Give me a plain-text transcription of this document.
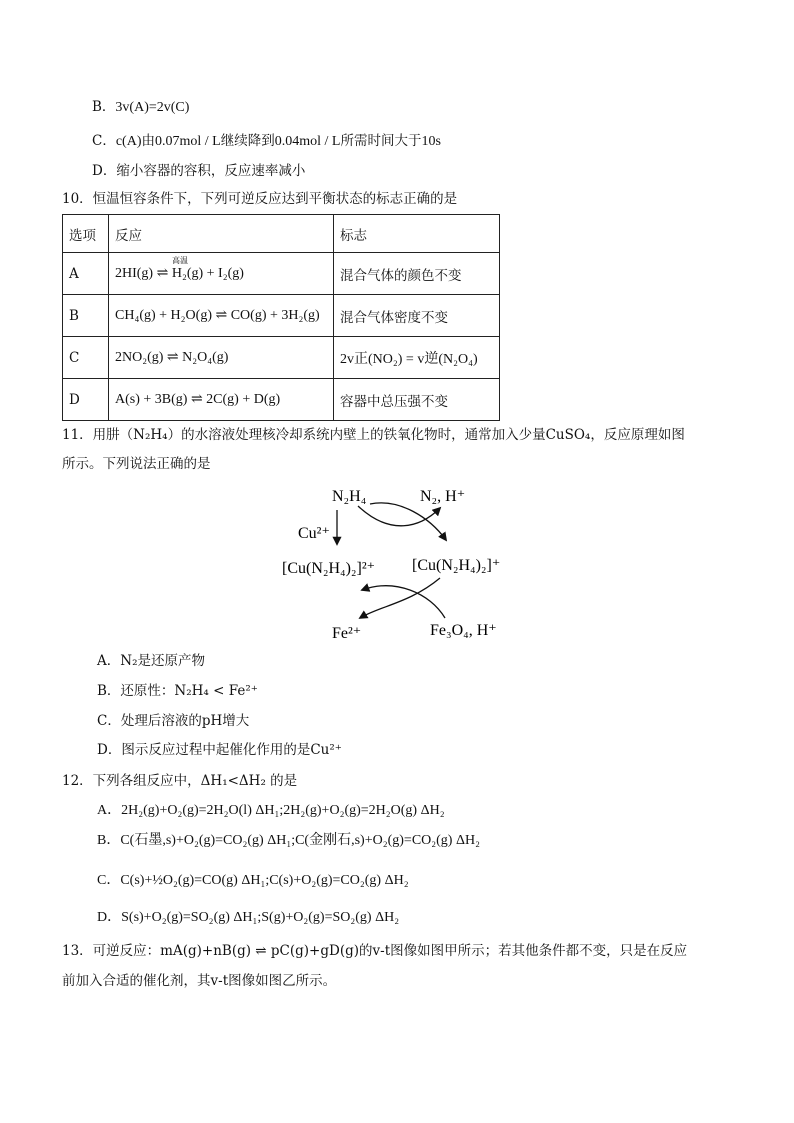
B．3v(A)=2v(C)
C．c(A)由0.07mol / L继续降到0.04mol / L所需时间大于10s
D．缩小容器的容积，反应速率减小
10．恒温恒容条件下，下列可逆反应达到平衡状态的标志正确的是
选项	反应	标志
A	2HI(g) ⇌ H₂(g) + I₂(g)	混合气体的颜色不变
B	CH₄(g) + H₂O(g) ⇌ CO(g) + 3H₂(g)	混合气体密度不变
C	2NO₂(g) ⇌ N₂O₄(g)	2v正(NO₂) = v逆(N₂O₄)
D	A(s) + 3B(g) ⇌ 2C(g) + D(g)	容器中总压强不变
高温
11．用肼（N₂H₄）的水溶液处理核冷却系统内壁上的铁氧化物时，通常加入少量CuSO₄，反应原理如图
所示。下列说法正确的是
N₂H₄	N₂, H⁺
Cu²⁺
[Cu(N₂H₄)₂]²⁺ [Cu(N₂H₄)₂]⁺
Fe²⁺	Fe₃O₄, H⁺
A．N₂是还原产物
B．还原性：N₂H₄ < Fe²⁺
C．处理后溶液的pH增大
D．图示反应过程中起催化作用的是Cu²⁺
12．下列各组反应中，ΔH₁<ΔH₂ 的是
A．2H₂(g)+O₂(g)=2H₂O(l) ΔH₁;2H₂(g)+O₂(g)=2H₂O(g) ΔH₂
B．C(石墨,s)+O₂(g)=CO₂(g) ΔH₁;C(金刚石,s)+O₂(g)=CO₂(g) ΔH₂
C．C(s)+½O₂(g)=CO(g) ΔH₁;C(s)+O₂(g)=CO₂(g) ΔH₂
D．S(s)+O₂(g)=SO₂(g) ΔH₁;S(g)+O₂(g)=SO₂(g) ΔH₂
13．可逆反应：mA(g)+nB(g) ⇌ pC(g)+gD(g)的v-t图像如图甲所示；若其他条件都不变，只是在反应
前加入合适的催化剂，其v-t图像如图乙所示。
